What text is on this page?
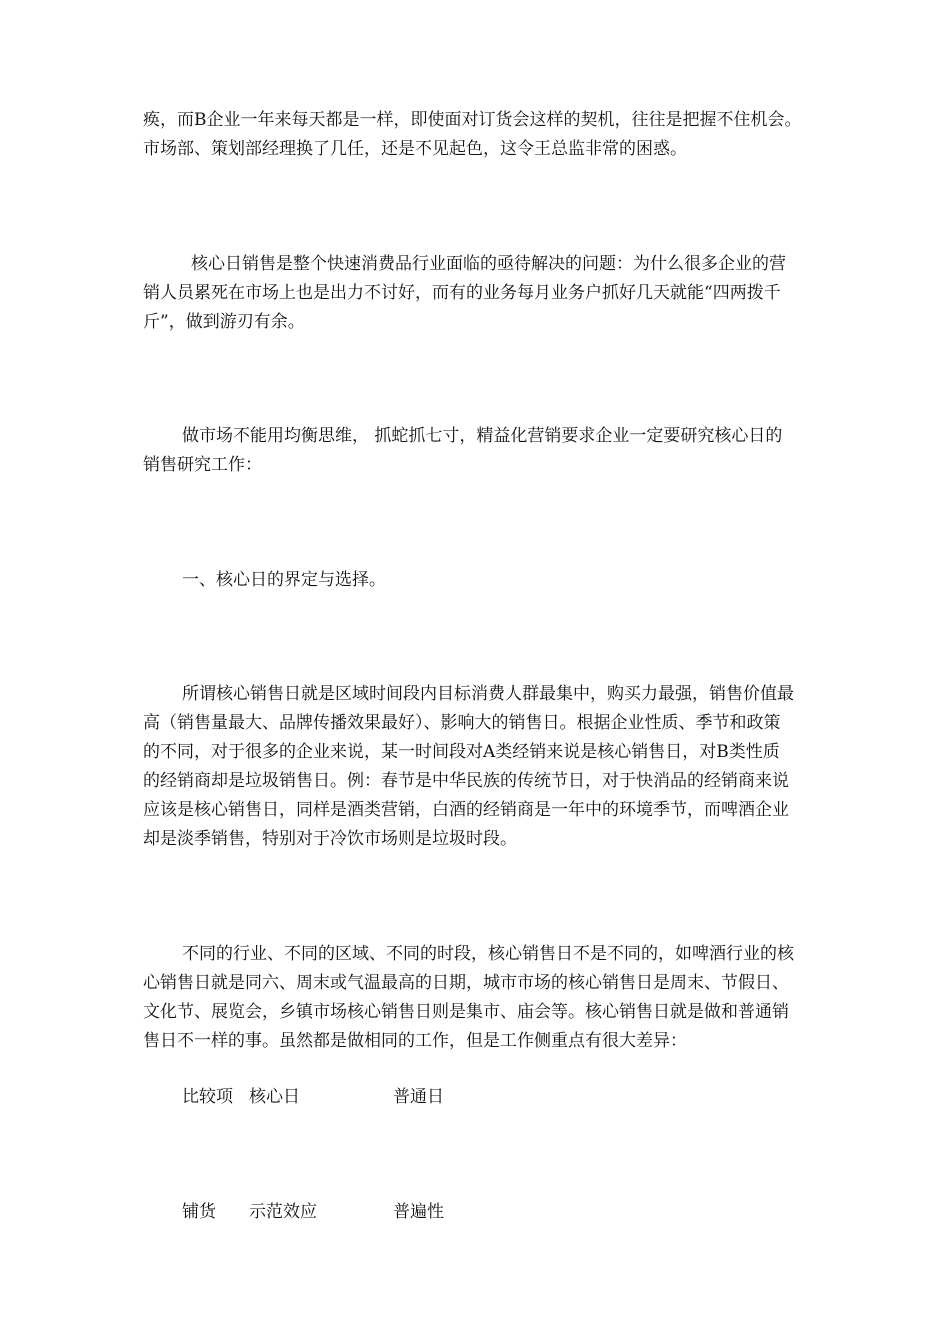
痪，而B企业一年来每天都是一样，即使面对订货会这样的契机，往往是把握不住机会。
市场部、策划部经理换了几任，还是不见起色，这令王总监非常的困惑。
核心日销售是整个快速消费品行业面临的亟待解决的问题：为什么很多企业的营
销人员累死在市场上也是出力不讨好，而有的业务每月业务户抓好几天就能“四两拨千
斤”，做到游刃有余。
做市场不能用均衡思维， 抓蛇抓七寸，精益化营销要求企业一定要研究核心日的
销售研究工作：
一、核心日的界定与选择。
所谓核心销售日就是区域时间段内目标消费人群最集中，购买力最强，销售价值最
高（销售量最大、品牌传播效果最好）、影响大的销售日。根据企业性质、季节和政策
的不同，对于很多的企业来说，某一时间段对A类经销来说是核心销售日，对B类性质
的经销商却是垃圾销售日。例：春节是中华民族的传统节日，对于快消品的经销商来说
应该是核心销售日，同样是酒类营销，白酒的经销商是一年中的环境季节，而啤酒企业
却是淡季销售，特别对于冷饮市场则是垃圾时段。
不同的行业、不同的区域、不同的时段，核心销售日不是不同的，如啤酒行业的核
心销售日就是同六、周末或气温最高的日期，城市市场的核心销售日是周末、节假日、
文化节、展览会，乡镇市场核心销售日则是集市、庙会等。核心销售日就是做和普通销
售日不一样的事。虽然都是做相同的工作，但是工作侧重点有很大差异：
比较项 核心日	普通日
铺货 示范效应	普遍性
